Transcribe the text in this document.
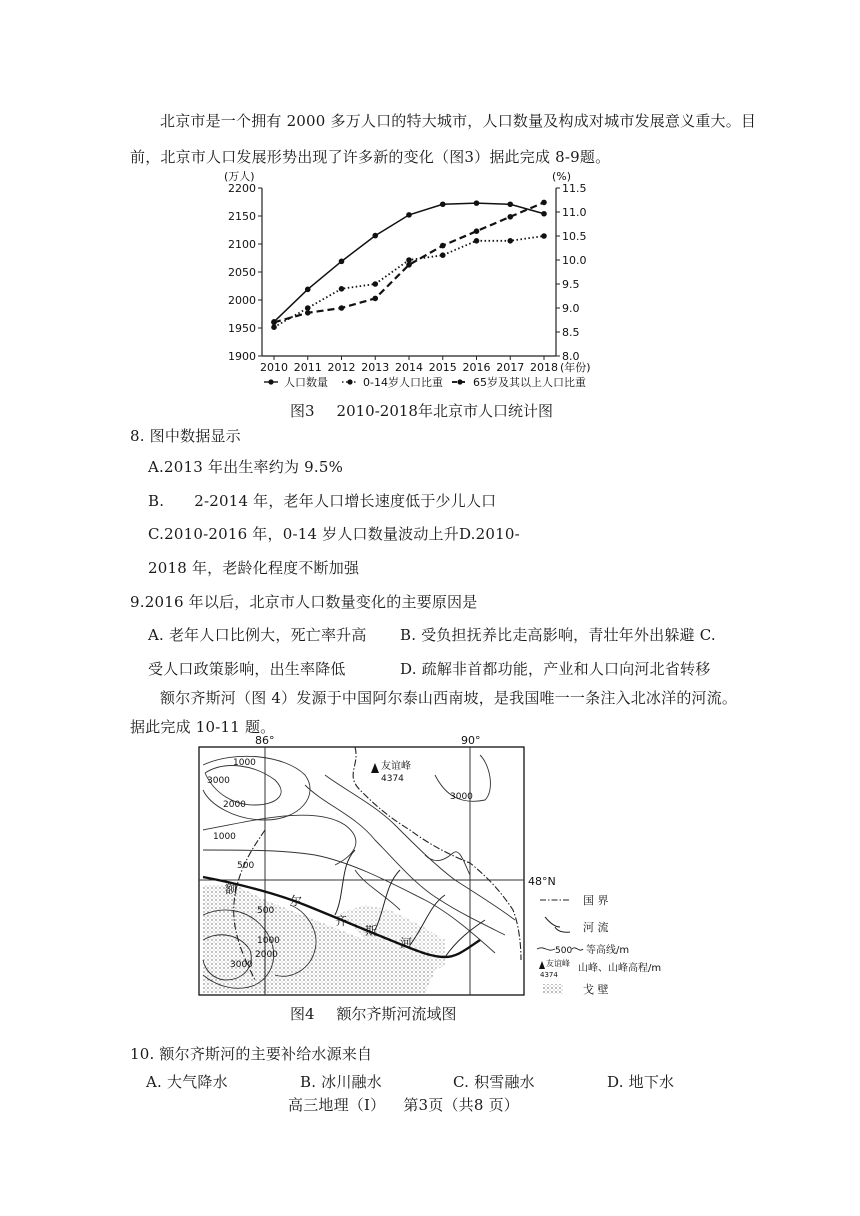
北京市是一个拥有 2000 多万人口的特大城市，人口数量及构成对城市发展意义重大。目
前，北京市人口发展形势出现了许多新的变化（图3）据此完成 8-9题。
(万人)	(%)
(年份)
2200
2150
2100
2050
2000
1950
1900
11.5
11.0
10.5
10.0
9.5
9.0
8.5
8.0
2010 2011 2012 2013 2014 2015 2016 2017 2018
人口数量	0-14岁人口比重	65岁及其以上人口比重
图3 2010-2018年北京市人口统计图
8. 图中数据显示
A.2013 年出生率约为 9.5%
B. 2-2014 年，老年人口增长速度低于少儿人口
C.2010-2016 年，0-14 岁人口数量波动上升D.2010-
2018 年，老龄化程度不断加强
9.2016 年以后，北京市人口数量变化的主要原因是
A. 老年人口比例大，死亡率升高 B. 受负担抚养比走高影响，青壮年外出躲避 C.
受人口政策影响，出生率降低	D. 疏解非首都功能，产业和人口向河北省转移
额尔齐斯河（图 4）发源于中国阿尔泰山西南坡，是我国唯一一条注入北冰洋的河流。
据此完成 10-11 题。
86°	90°
48°N
友谊峰
4374
1000
3000
2000
1000
500
3000
500
1000
2000
3000
额
尔
齐
斯
河
国 界
河 流
500 等高线/m
友谊峰
4374
山峰、山峰高程/m
戈 壁
图4 额尔齐斯河流域图
10. 额尔齐斯河的主要补给水源来自
A. 大气降水	B. 冰川融水	C. 积雪融水	D. 地下水
高三地理（I） 第3页（共8 页）
